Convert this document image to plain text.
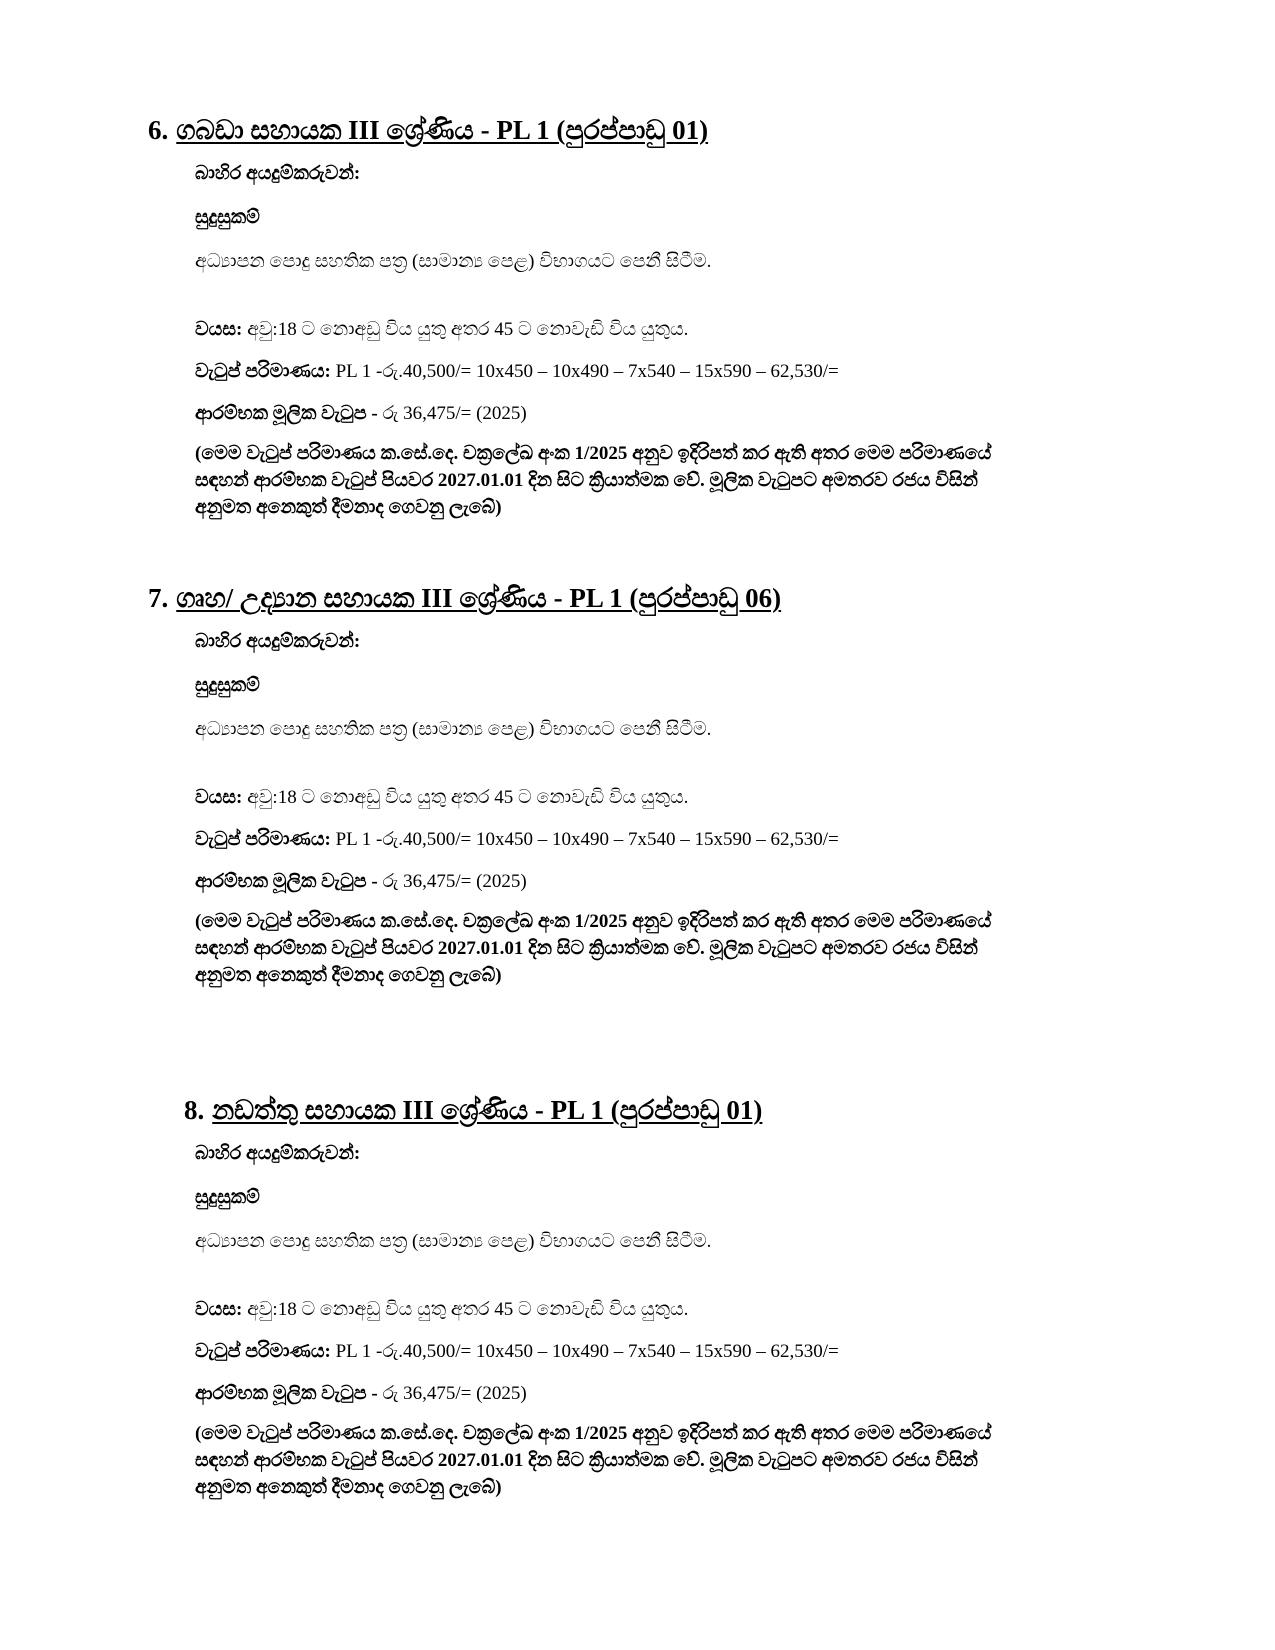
6. ගබඩා සහායක III ශ්‍රේණිය - PL 1 (පුරප්පාඩු 01)
බාහිර අයදුම්කරුවන්:
සුදුසුකම්
අධ්‍යාපන පොදු සහතික පත්‍ර (සාමාන්‍ය පෙළ) විභාගයට පෙනී සිටීම.
වයස: අවු:18 ට නොඅඩු විය යුතු අතර 45 ට නොවැඩි විය යුතුය.
වැටුප් පරිමාණය: PL 1 -රු.40,500/= 10x450 – 10x490 – 7x540 – 15x590 – 62,530/=
ආරම්භක මූලික වැටුප - රු 36,475/= (2025)
(මෙම වැටුප් පරිමාණය ක.සේ.දෙ. චක්‍රලේඛ අංක 1/2025 අනුව ඉදිරිපත් කර ඇති අතර මෙම පරිමාණයේ
සඳහන් ආරම්භක වැටුප් පියවර 2027.01.01 දින සිට ක්‍රියාත්මක වේ. මූලික වැටුපට අමතරව රජය විසින්
අනුමත අනෙකුත් දීමනාද ගෙවනු ලැබේ)
7. ගෘහ/ උද්‍යාන සහායක III ශ්‍රේණිය - PL 1 (පුරප්පාඩු 06)
බාහිර අයදුම්කරුවන්:
සුදුසුකම්
අධ්‍යාපන පොදු සහතික පත්‍ර (සාමාන්‍ය පෙළ) විභාගයට පෙනී සිටීම.
වයස: අවු:18 ට නොඅඩු විය යුතු අතර 45 ට නොවැඩි විය යුතුය.
වැටුප් පරිමාණය: PL 1 -රු.40,500/= 10x450 – 10x490 – 7x540 – 15x590 – 62,530/=
ආරම්භක මූලික වැටුප - රු 36,475/= (2025)
(මෙම වැටුප් පරිමාණය ක.සේ.දෙ. චක්‍රලේඛ අංක 1/2025 අනුව ඉදිරිපත් කර ඇති අතර මෙම පරිමාණයේ
සඳහන් ආරම්භක වැටුප් පියවර 2027.01.01 දින සිට ක්‍රියාත්මක වේ. මූලික වැටුපට අමතරව රජය විසින්
අනුමත අනෙකුත් දීමනාද ගෙවනු ලැබේ)
8. නඩත්තු සහායක III ශ්‍රේණිය - PL 1 (පුරප්පාඩු 01)
බාහිර අයදුම්කරුවන්:
සුදුසුකම්
අධ්‍යාපන පොදු සහතික පත්‍ර (සාමාන්‍ය පෙළ) විභාගයට පෙනී සිටීම.
වයස: අවු:18 ට නොඅඩු විය යුතු අතර 45 ට නොවැඩි විය යුතුය.
වැටුප් පරිමාණය: PL 1 -රු.40,500/= 10x450 – 10x490 – 7x540 – 15x590 – 62,530/=
ආරම්භක මූලික වැටුප - රු 36,475/= (2025)
(මෙම වැටුප් පරිමාණය ක.සේ.දෙ. චක්‍රලේඛ අංක 1/2025 අනුව ඉදිරිපත් කර ඇති අතර මෙම පරිමාණයේ
සඳහන් ආරම්භක වැටුප් පියවර 2027.01.01 දින සිට ක්‍රියාත්මක වේ. මූලික වැටුපට අමතරව රජය විසින්
අනුමත අනෙකුත් දීමනාද ගෙවනු ලැබේ)
